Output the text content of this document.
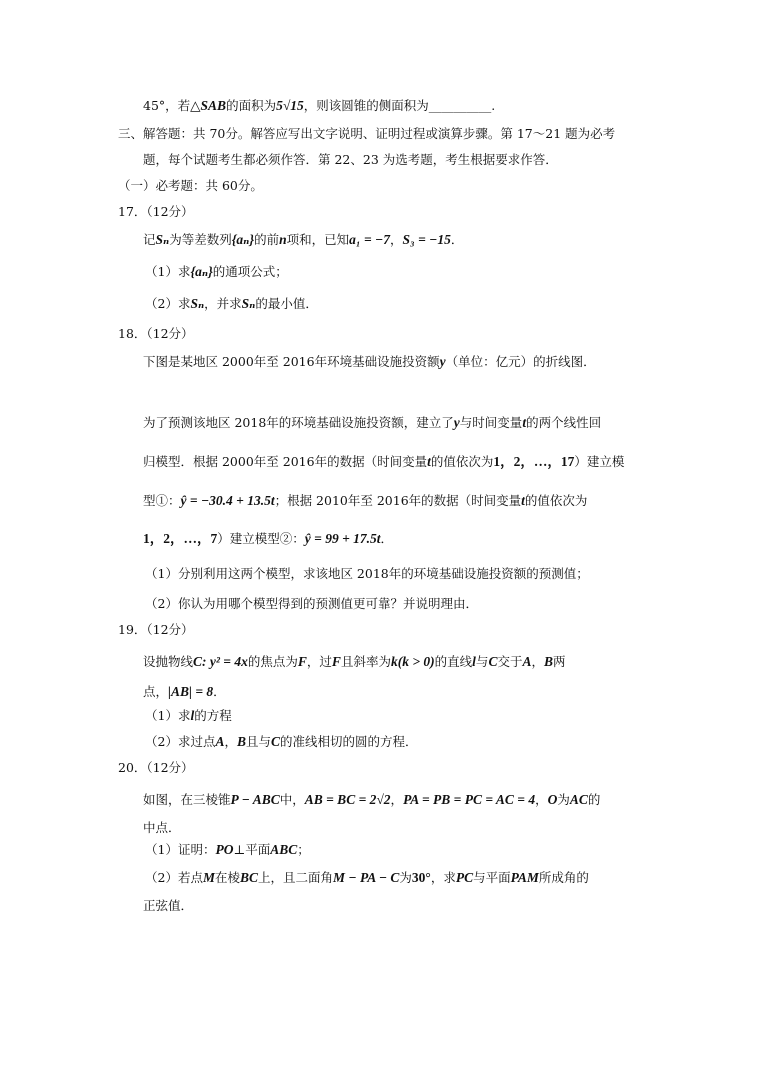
45°，若△SAB的面积为5√15，则该圆锥的侧面积为__________.
三、解答题：共 70分。解答应写出文字说明、证明过程或演算步骤。第 17～21 题为必考
题，每个试题考生都必须作答．第 22、23 为选考题，考生根据要求作答．
（一）必考题：共 60分。
17．（12分）
记Sₙ为等差数列{aₙ}的前n项和，已知a₁ = −7，S₃ = −15．
（1）求{aₙ}的通项公式；
（2）求Sₙ，并求Sₙ的最小值．
18．（12分）
下图是某地区 2000年至 2016年环境基础设施投资额y（单位：亿元）的折线图．
为了预测该地区 2018年的环境基础设施投资额，建立了y与时间变量t的两个线性回
归模型．根据 2000年至 2016年的数据（时间变量t的值依次为1，2，…，17）建立模
型①：ŷ = −30.4 + 13.5t；根据 2010年至 2016年的数据（时间变量t的值依次为
1，2，…，7）建立模型②：ŷ = 99 + 17.5t．
（1）分别利用这两个模型，求该地区 2018年的环境基础设施投资额的预测值；
（2）你认为用哪个模型得到的预测值更可靠？并说明理由．
19．（12分）
设抛物线C: y² = 4x的焦点为F，过F且斜率为k(k > 0)的直线l与C交于A，B两
点，|AB| = 8．
（1）求l的方程
（2）求过点A，B且与C的准线相切的圆的方程．
20．（12分）
如图，在三棱锥P − ABC中，AB = BC = 2√2，PA = PB = PC = AC = 4，O为AC的
中点．
（1）证明：PO⊥平面ABC；
（2）若点M在棱BC上，且二面角M − PA − C为30°，求PC与平面PAM所成角的
正弦值．
